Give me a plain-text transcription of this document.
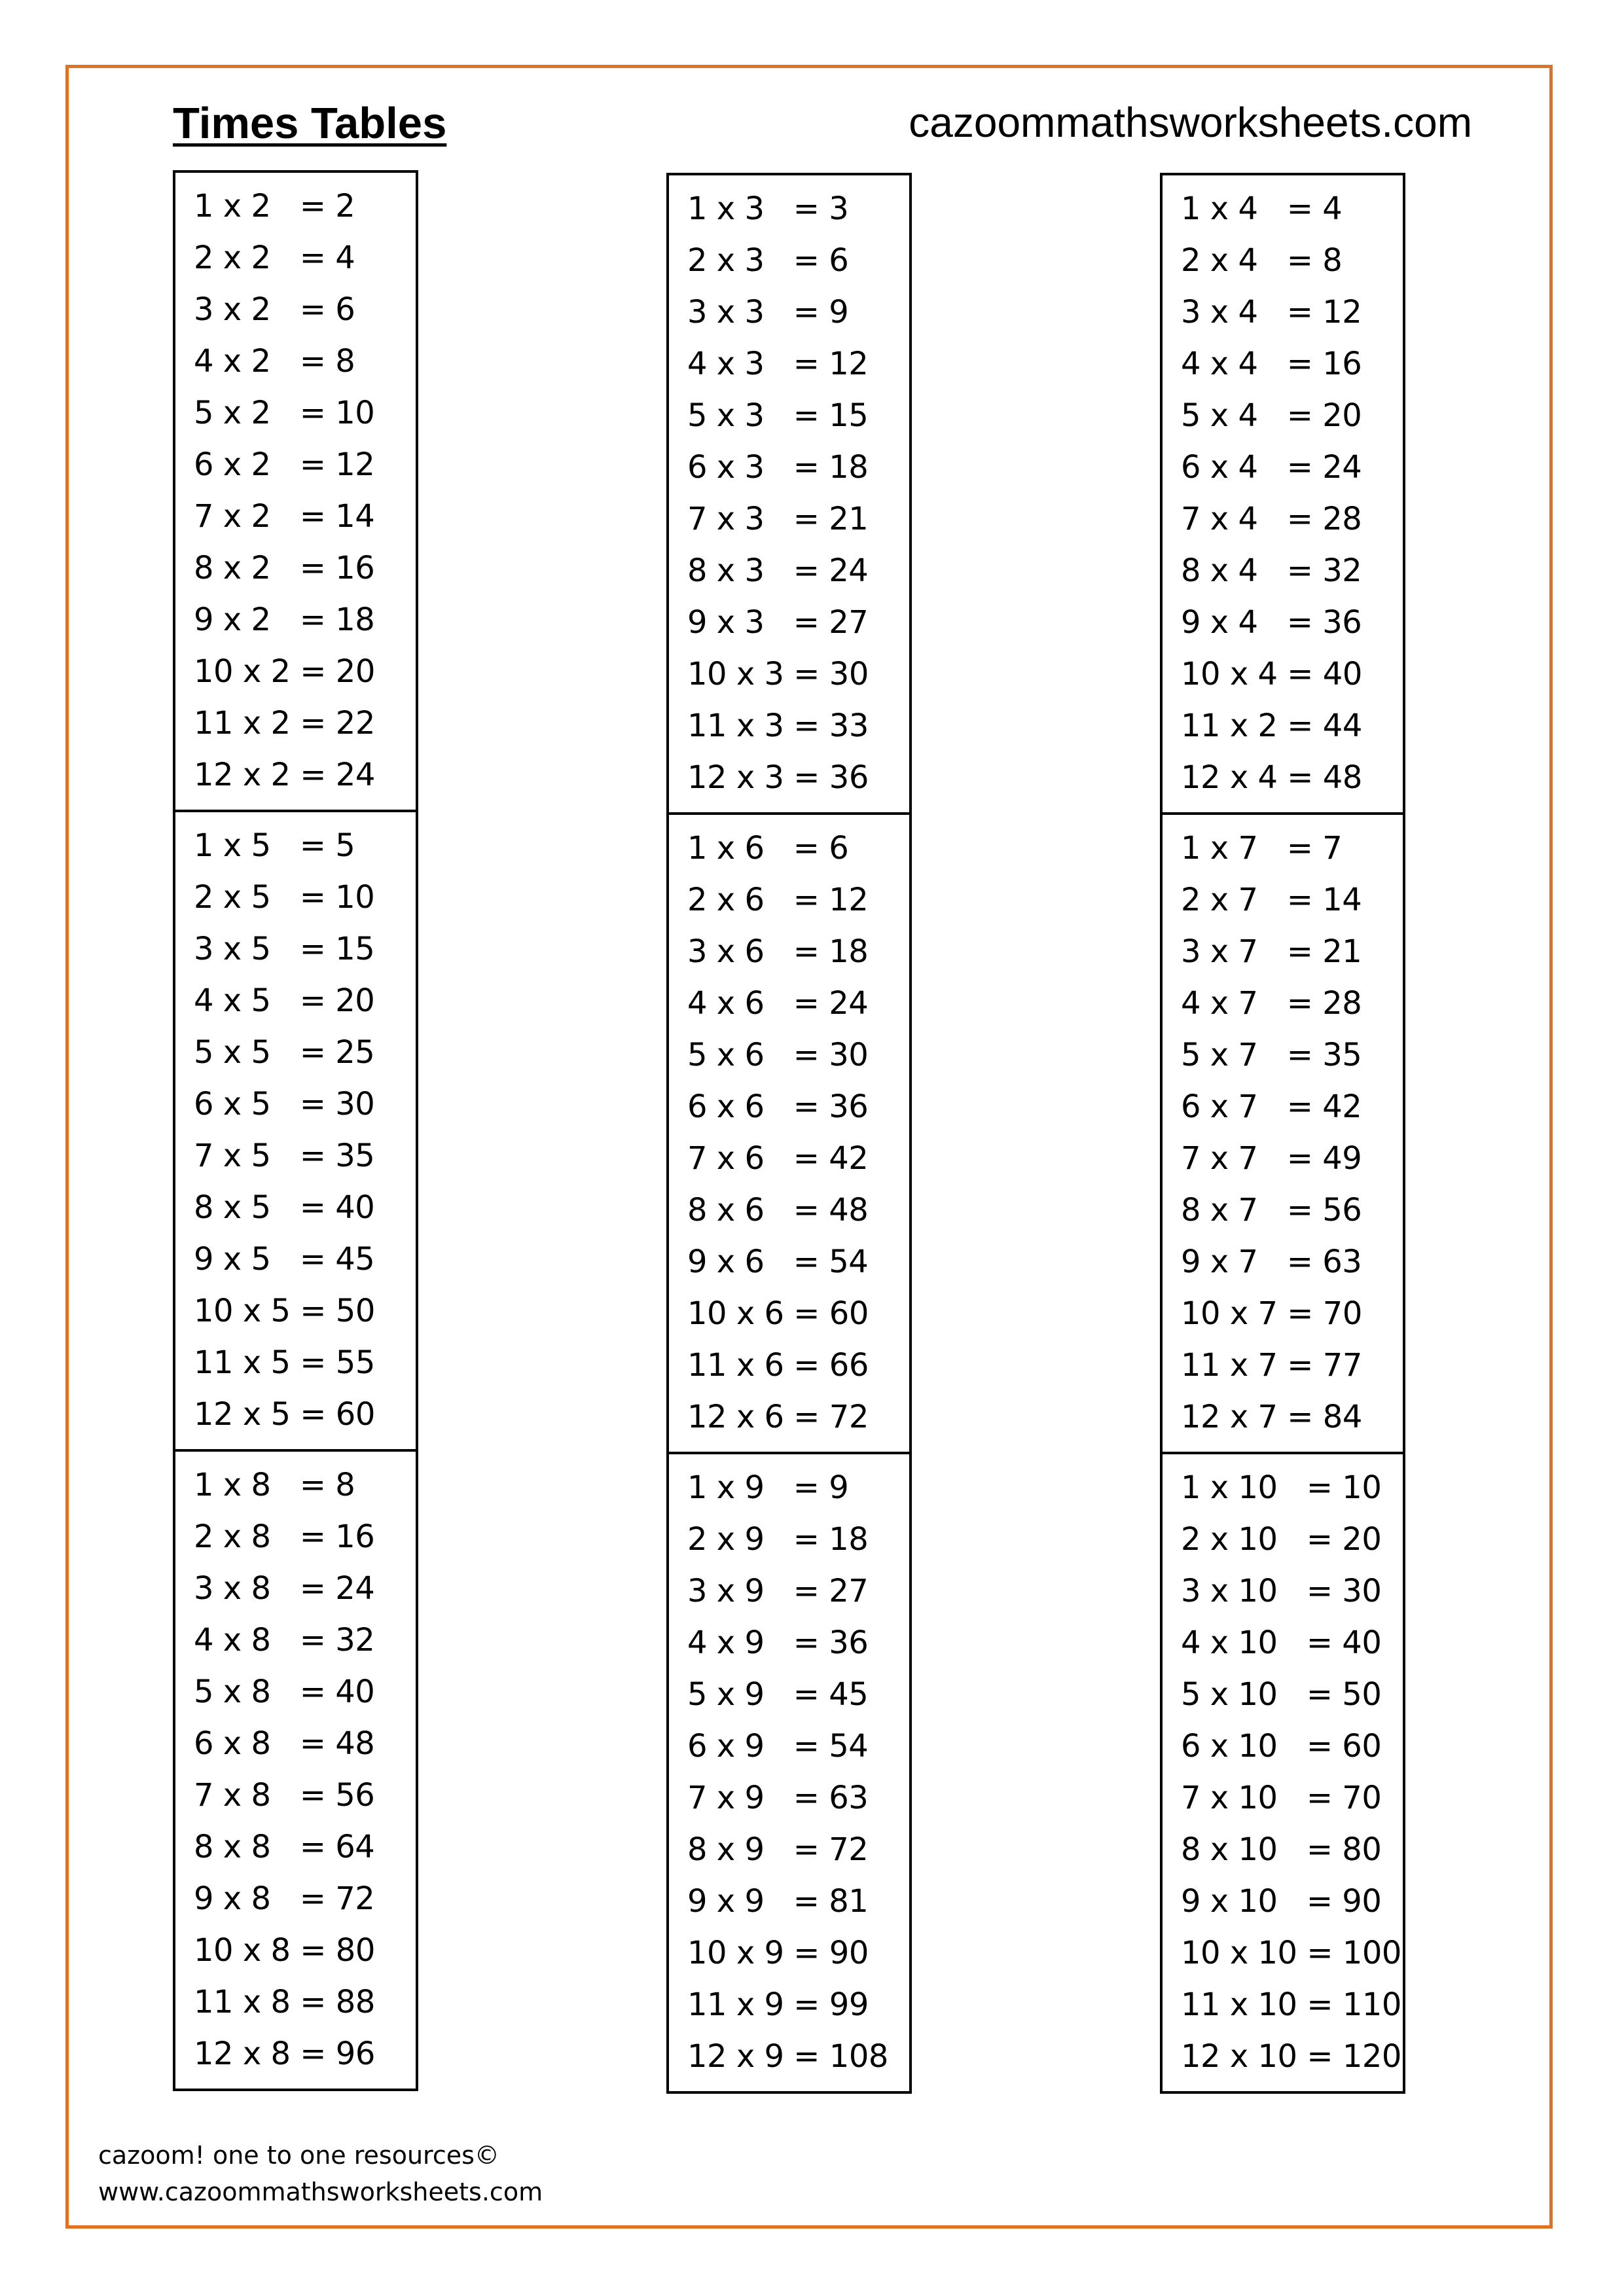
Times Tables	cazoommathsworksheets.com
1 x 2   = 2
2 x 2   = 4
3 x 2   = 6
4 x 2   = 8
5 x 2   = 10
6 x 2   = 12
7 x 2   = 14
8 x 2   = 16
9 x 2   = 18
10 x 2 = 20
11 x 2 = 22
12 x 2 = 24
1 x 5   = 5
2 x 5   = 10
3 x 5   = 15
4 x 5   = 20
5 x 5   = 25
6 x 5   = 30
7 x 5   = 35
8 x 5   = 40
9 x 5   = 45
10 x 5 = 50
11 x 5 = 55
12 x 5 = 60
1 x 8   = 8
2 x 8   = 16
3 x 8   = 24
4 x 8   = 32
5 x 8   = 40
6 x 8   = 48
7 x 8   = 56
8 x 8   = 64
9 x 8   = 72
10 x 8 = 80
11 x 8 = 88
12 x 8 = 96
1 x 3   = 3
2 x 3   = 6
3 x 3   = 9
4 x 3   = 12
5 x 3   = 15
6 x 3   = 18
7 x 3   = 21
8 x 3   = 24
9 x 3   = 27
10 x 3 = 30
11 x 3 = 33
12 x 3 = 36
1 x 6   = 6
2 x 6   = 12
3 x 6   = 18
4 x 6   = 24
5 x 6   = 30
6 x 6   = 36
7 x 6   = 42
8 x 6   = 48
9 x 6   = 54
10 x 6 = 60
11 x 6 = 66
12 x 6 = 72
1 x 9   = 9
2 x 9   = 18
3 x 9   = 27
4 x 9   = 36
5 x 9   = 45
6 x 9   = 54
7 x 9   = 63
8 x 9   = 72
9 x 9   = 81
10 x 9 = 90
11 x 9 = 99
12 x 9 = 108
1 x 4   = 4
2 x 4   = 8
3 x 4   = 12
4 x 4   = 16
5 x 4   = 20
6 x 4   = 24
7 x 4   = 28
8 x 4   = 32
9 x 4   = 36
10 x 4 = 40
11 x 2 = 44
12 x 4 = 48
1 x 7   = 7
2 x 7   = 14
3 x 7   = 21
4 x 7   = 28
5 x 7   = 35
6 x 7   = 42
7 x 7   = 49
8 x 7   = 56
9 x 7   = 63
10 x 7 = 70
11 x 7 = 77
12 x 7 = 84
1 x 10   = 10
2 x 10   = 20
3 x 10   = 30
4 x 10   = 40
5 x 10   = 50
6 x 10   = 60
7 x 10   = 70
8 x 10   = 80
9 x 10   = 90
10 x 10 = 100
11 x 10 = 110
12 x 10 = 120
cazoom! one to one resources©
www.cazoommathsworksheets.com
